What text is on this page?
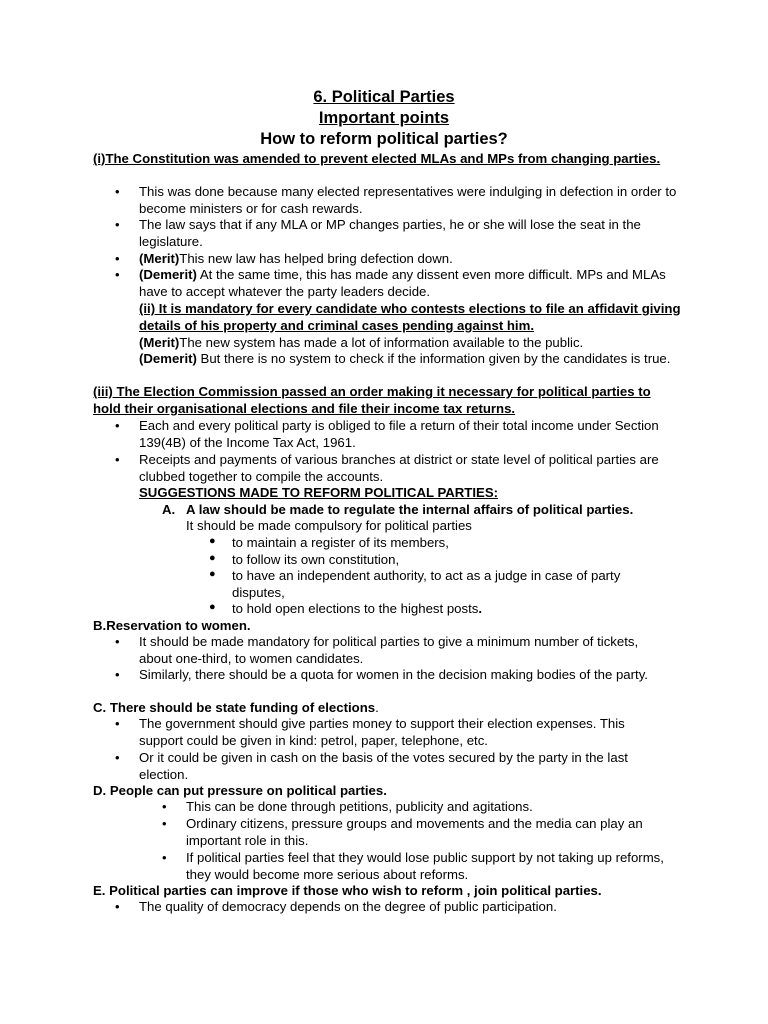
6. Political Parties
Important points
How to reform political parties?

(i)The Constitution was amended to prevent elected MLAs and MPs from changing parties.

• This was done because many elected representatives were indulging in defection in order to become ministers or for cash rewards.

• The law says that if any MLA or MP changes parties, he or she will lose the seat in the legislature.

• (Merit)This new law has helped bring defection down.

• (Demerit) At the same time, this has made any dissent even more difficult. MPs and MLAs have to accept whatever the party leaders decide.

(ii) It is mandatory for every candidate who contests elections to file an affidavit giving details of his property and criminal cases pending against him.

(Merit)The new system has made a lot of information available to the public.

(Demerit) But there is no system to check if the information given by the candidates is true.

(iii) The Election Commission passed an order making it necessary for political parties to hold their organisational elections and file their income tax returns.

• Each and every political party is obliged to file a return of their total income under Section 139(4B) of the Income Tax Act, 1961.

• Receipts and payments of various branches at district or state level of political parties are clubbed together to compile the accounts.

SUGGESTIONS MADE TO REFORM POLITICAL PARTIES:

A. A law should be made to regulate the internal affairs of political parties.

It should be made compulsory for political parties

● to maintain a register of its members,

● to follow its own constitution,

● to have an independent authority, to act as a judge in case of party disputes,

● to hold open elections to the highest posts.

B.Reservation to women.

• It should be made mandatory for political parties to give a minimum number of tickets, about one-third, to women candidates.

• Similarly, there should be a quota for women in the decision making bodies of the party.

C. There should be state funding of elections.

• The government should give parties money to support their election expenses. This support could be given in kind: petrol, paper, telephone, etc.

• Or it could be given in cash on the basis of the votes secured by the party in the last election.

D. People can put pressure on political parties.

• This can be done through petitions, publicity and agitations.

• Ordinary citizens, pressure groups and movements and the media can play an important role in this.

• If political parties feel that they would lose public support by not taking up reforms, they would become more serious about reforms.

E. Political parties can improve if those who wish to reform , join political parties.

• The quality of democracy depends on the degree of public participation.
